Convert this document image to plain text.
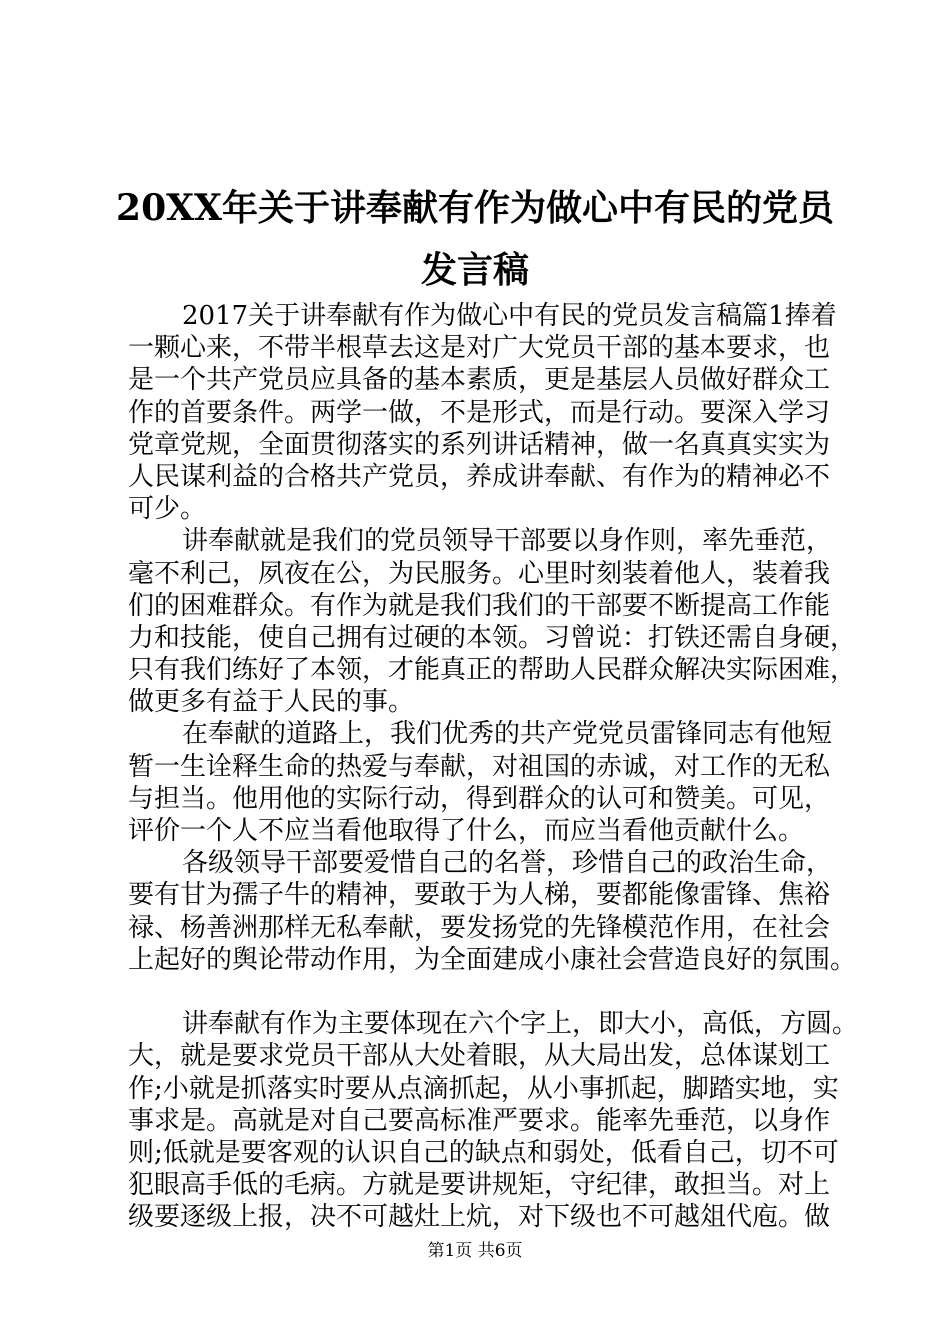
20XX年关于讲奉献有作为做心中有民的党员
发言稿
2017关于讲奉献有作为做心中有民的党员发言稿篇1捧着
一颗心来，不带半根草去这是对广大党员干部的基本要求，也
是一个共产党员应具备的基本素质，更是基层人员做好群众工
作的首要条件。两学一做，不是形式，而是行动。要深入学习
党章党规，全面贯彻落实的系列讲话精神，做一名真真实实为
人民谋利益的合格共产党员，养成讲奉献、有作为的精神必不
可少。
讲奉献就是我们的党员领导干部要以身作则，率先垂范，
毫不利己，夙夜在公，为民服务。心里时刻装着他人，装着我
们的困难群众。有作为就是我们我们的干部要不断提高工作能
力和技能，使自己拥有过硬的本领。习曾说：打铁还需自身硬，
只有我们练好了本领，才能真正的帮助人民群众解决实际困难，
做更多有益于人民的事。
在奉献的道路上，我们优秀的共产党党员雷锋同志有他短
暂一生诠释生命的热爱与奉献，对祖国的赤诚，对工作的无私
与担当。他用他的实际行动，得到群众的认可和赞美。可见，
评价一个人不应当看他取得了什么，而应当看他贡献什么。
各级领导干部要爱惜自己的名誉，珍惜自己的政治生命，
要有甘为孺子牛的精神，要敢于为人梯，要都能像雷锋、焦裕
禄、杨善洲那样无私奉献，要发扬党的先锋模范作用，在社会
上起好的舆论带动作用，为全面建成小康社会营造良好的氛围。
讲奉献有作为主要体现在六个字上，即大小，高低，方圆。
大，就是要求党员干部从大处着眼，从大局出发，总体谋划工
作;小就是抓落实时要从点滴抓起，从小事抓起，脚踏实地，实
事求是。高就是对自己要高标准严要求。能率先垂范，以身作
则;低就是要客观的认识自己的缺点和弱处，低看自己，切不可
犯眼高手低的毛病。方就是要讲规矩，守纪律，敢担当。对上
级要逐级上报，决不可越灶上炕，对下级也不可越俎代庖。做
第1页 共6页
